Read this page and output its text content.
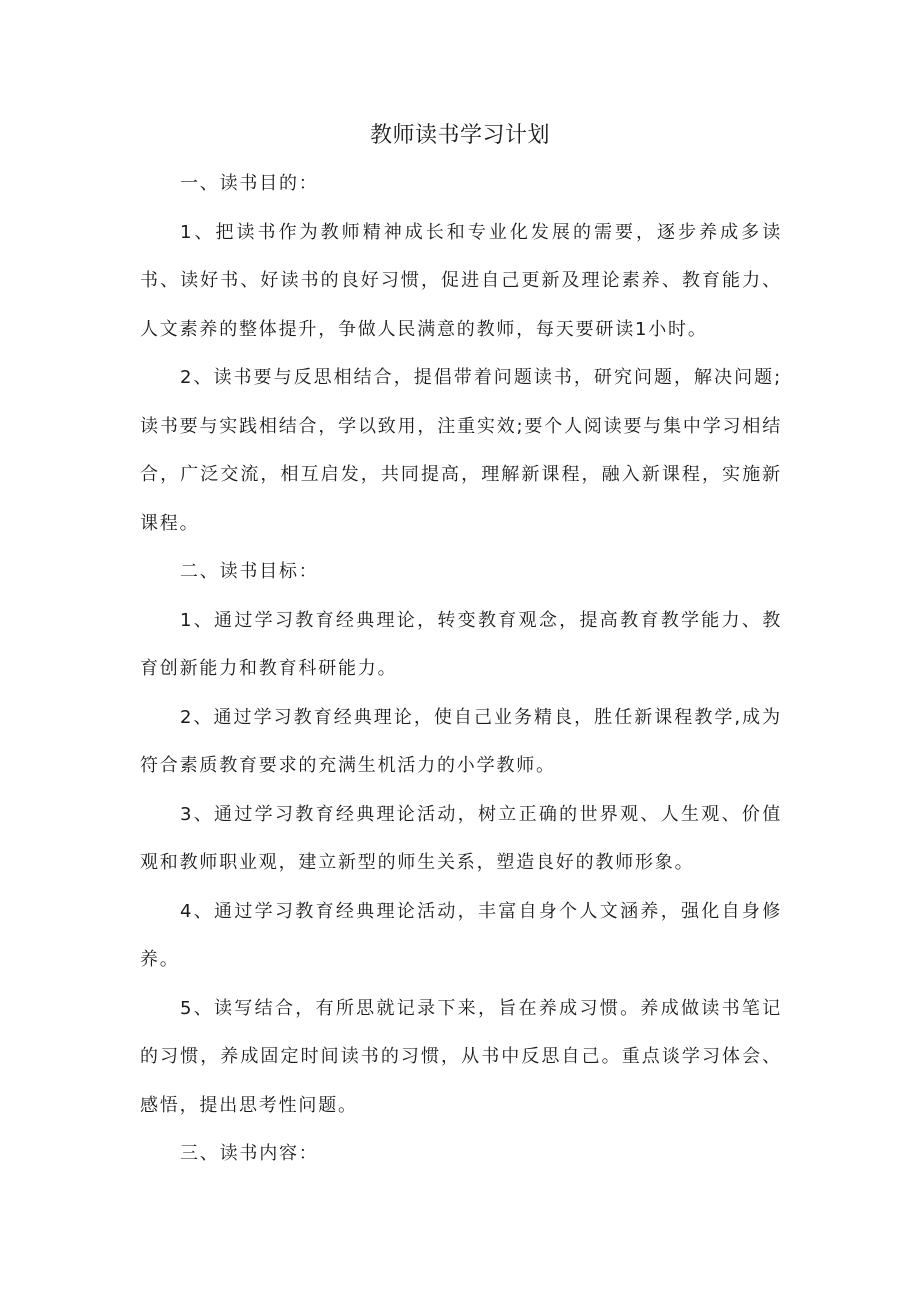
教师读书学习计划

一、读书目的：

1、把读书作为教师精神成长和专业化发展的需要，逐步养成多读书、读好书、好读书的良好习惯，促进自己更新及理论素养、教育能力、人文素养的整体提升，争做人民满意的教师，每天要研读1小时。

2、读书要与反思相结合，提倡带着问题读书，研究问题，解决问题;读书要与实践相结合，学以致用，注重实效;要个人阅读要与集中学习相结合，广泛交流，相互启发，共同提高，理解新课程，融入新课程，实施新课程。

二、读书目标：

1、通过学习教育经典理论，转变教育观念，提高教育教学能力、教育创新能力和教育科研能力。

2、通过学习教育经典理论，使自己业务精良，胜任新课程教学,成为符合素质教育要求的充满生机活力的小学教师。

3、通过学习教育经典理论活动，树立正确的世界观、人生观、价值观和教师职业观，建立新型的师生关系，塑造良好的教师形象。

4、通过学习教育经典理论活动，丰富自身个人文涵养，强化自身修养。

5、读写结合，有所思就记录下来，旨在养成习惯。养成做读书笔记的习惯，养成固定时间读书的习惯，从书中反思自己。重点谈学习体会、感悟，提出思考性问题。

三、读书内容：
